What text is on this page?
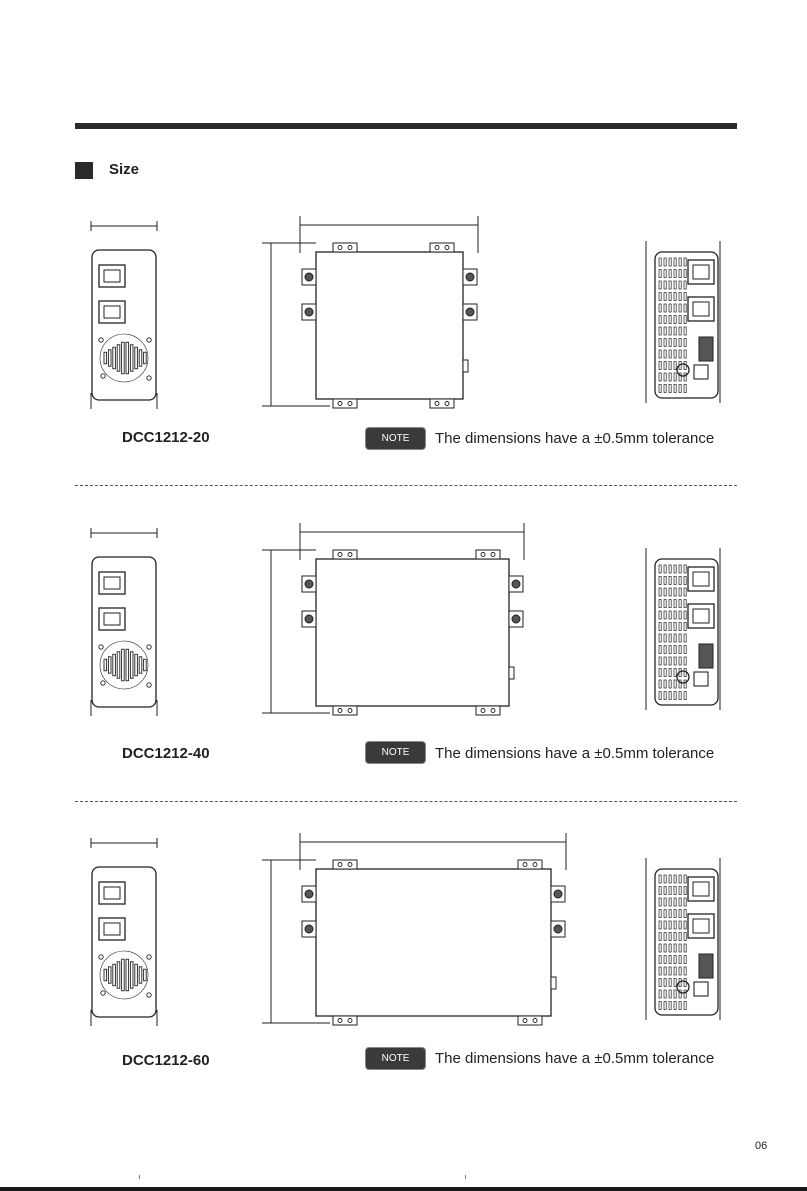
Size
DCC1212-20	NOTE	The dimensions have a ±0.5mm tolerance
DCC1212-40	NOTE	The dimensions have a ±0.5mm tolerance
DCC1212-60	NOTE	The dimensions have a ±0.5mm tolerance
06
